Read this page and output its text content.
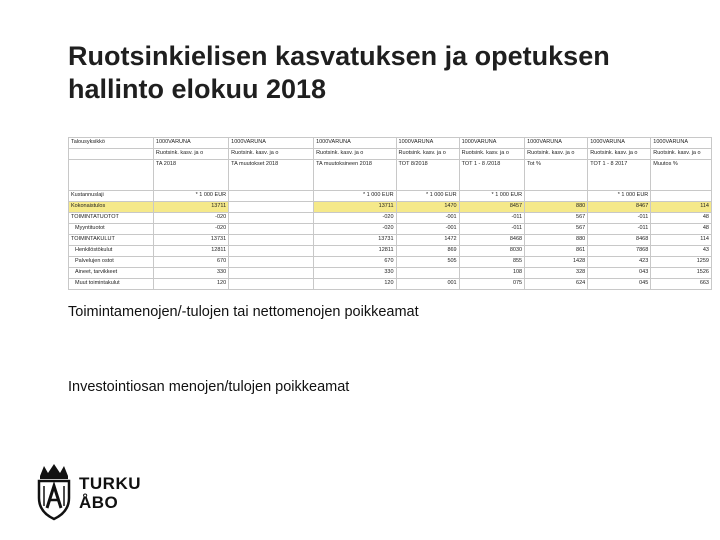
Ruotsinkielisen kasvatuksen ja opetuksen
hallinto elokuu 2018
Talousyksikkö	1000VARUNA	1000VARUNA	1000VARUNA	1000VARUNA	1000VARUNA	1000VARUNA	1000VARUNA	1000VARUNA
	Ruotsink. kasv. ja o	Ruotsink. kasv. ja o	Ruotsink. kasv. ja o	Ruotsink. kasv. ja o	Ruotsink. kasv. ja o	Ruotsink. kasv. ja o	Ruotsink. kasv. ja o	Ruotsink. kasv. ja o
	TA 2018	TA muutokset 2018	TA muutoksineen 2018	TOT 8/2018	TOT 1 - 8 /2018	Tot %	TOT 1 - 8 2017	Muutos %
Kustannuslaji	* 1 000 EUR		* 1 000 EUR	* 1 000 EUR	* 1 000 EUR		* 1 000 EUR	
Kokonaistulos	13711		13711	1470	8457	880	8467	114
TOIMINTATUOTOT	-020		-020	-001	-011	567	-011	48
Myyntituotot	-020		-020	-001	-011	567	-011	48
TOIMINTAKULUT	13731		13731	1472	8468	880	8468	114
Henkilöstökulut	12811		12811	869	8030	861	7868	43
Palvelujen ostot	670		670	505	855	1428	423	1259
Aineet, tarvikkeet	330		330		108	328	043	1526
Muut toimintakulut	120		120	001	075	624	045	663
Toimintamenojen/-tulojen tai nettomenojen poikkeamat
Investointiosan menojen/tulojen poikkeamat
TURKU
ÅBO
